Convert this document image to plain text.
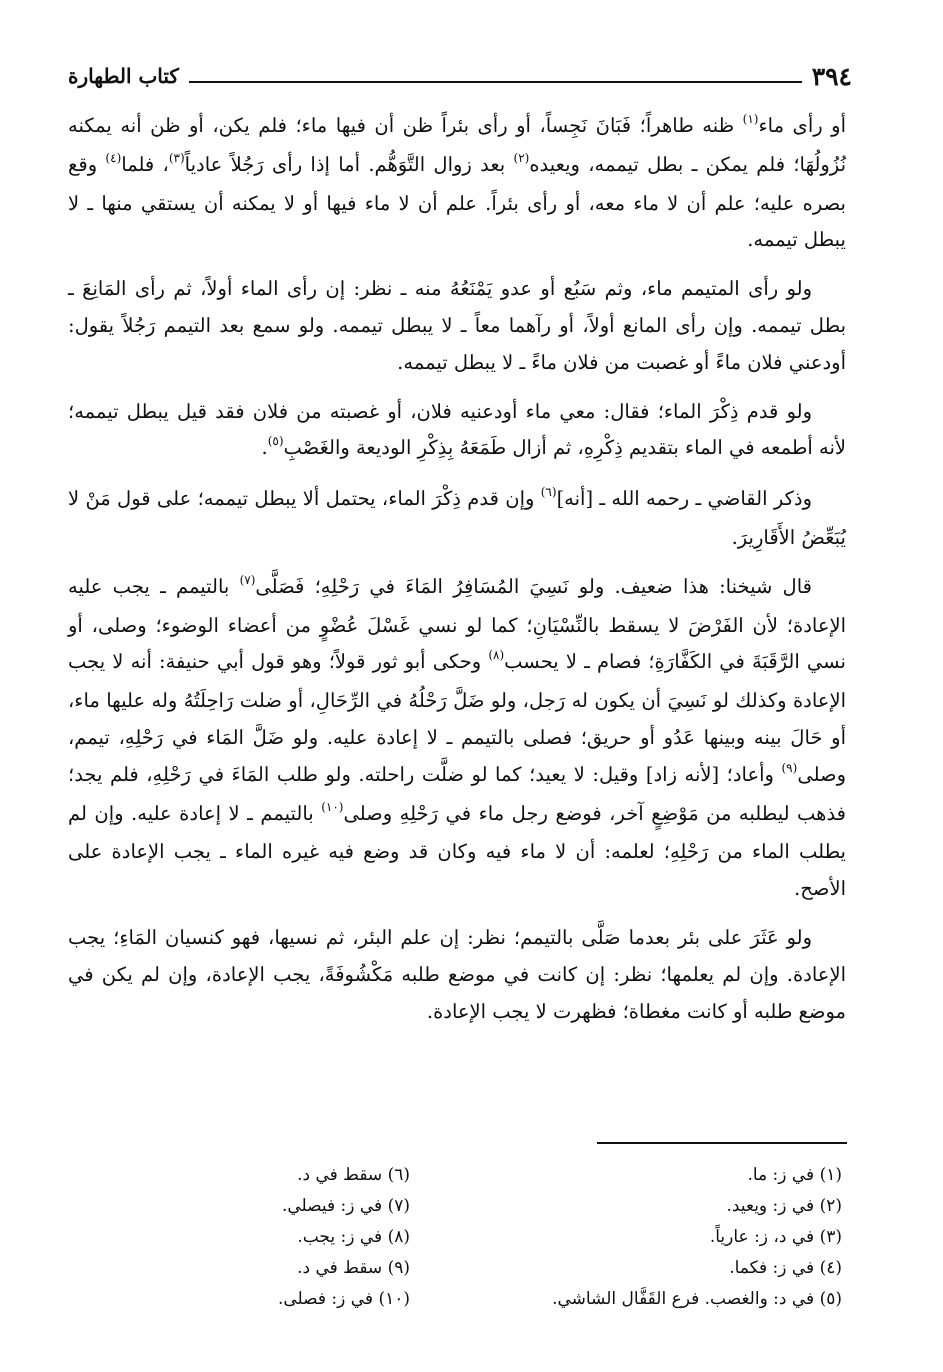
٣٩٤
كتاب الطهارة

أو رأى ماء$^{(١)}$ ظنه طاهراً؛ فَبَانَ نَجِساً، أو رأى بئراً ظن أن فيها ماء؛ فلم يكن، أو ظن أنه يمكنه نُزُولُهَا؛ فلم يمكن ـ بطل تيممه، ويعيده$^{(٢)}$ بعد زوال التَّوَهُّم. أما إذا رأى رَجُلاً عادياً$^{(٣)}$، فلما$^{(٤)}$ وقع بصره عليه؛ علم أن لا ماء معه، أو رأى بئراً. علم أن لا ماء فيها أو لا يمكنه أن يستقي منها ـ لا يبطل تيممه.

ولو رأى المتيمم ماء، وثم سَبُع أو عدو يَمْنَعُهُ منه ـ نظر: إن رأى الماء أولاً، ثم رأى المَانِعَ ـ بطل تيممه. وإن رأى المانع أولاً، أو رآهما معاً ـ لا يبطل تيممه. ولو سمع بعد التيمم رَجُلاً يقول: أودعني فلان ماءً أو غصبت من فلان ماءً ـ لا يبطل تيممه.

ولو قدم ذِكْرَ الماء؛ فقال: معي ماء أودعنيه فلان، أو غصبته من فلان فقد قيل يبطل تيممه؛ لأنه أطمعه في الماء بتقديم ذِكْرِهِ، ثم أزال طَمَعَهُ بِذِكْرِ الوديعة والغَصْبِ$^{(٥)}$.

وذكر القاضي ـ رحمه الله ـ [أنه]$^{(٦)}$ وإن قدم ذِكْرَ الماء، يحتمل ألا يبطل تيممه؛ على قول مَنْ لا يُبَعِّضُ الأَقَارِيرَ.

قال شيخنا: هذا ضعيف. ولو نَسِيَ المُسَافِرُ المَاءَ في رَحْلِهِ؛ فَصَلَّى$^{(٧)}$ بالتيمم ـ يجب عليه الإعادة؛ لأن الفَرْضَ لا يسقط بالنِّسْيَانِ؛ كما لو نسي غَسْلَ عُضْوٍ من أعضاء الوضوء؛ وصلى، أو نسي الرَّقَبَةَ في الكَفَّارَةِ؛ فصام ـ لا يحسب$^{(٨)}$ وحكى أبو ثور قولاً؛ وهو قول أبي حنيفة: أنه لا يجب الإعادة وكذلك لو نَسِيَ أن يكون له رَجل، ولو ضَلَّ رَحْلُهُ في الرِّحَالِ، أو ضلت رَاحِلَتُهُ وله عليها ماء، أو حَالَ بينه وبينها عَدُو أو حريق؛ فصلى بالتيمم ـ لا إعادة عليه. ولو ضَلَّ المَاء في رَحْلِهِ، تيمم، وصلى$^{(٩)}$ وأعاد؛ [لأنه زاد] وقيل: لا يعيد؛ كما لو ضلَّت راحلته. ولو طلب المَاءَ في رَحْلِهِ، فلم يجد؛ فذهب ليطلبه من مَوْضِعٍ آخر، فوضع رجل ماء في رَحْلِهِ وصلى$^{(١٠)}$ بالتيمم ـ لا إعادة عليه. وإن لم يطلب الماء من رَحْلِهِ؛ لعلمه: أن لا ماء فيه وكان قد وضع فيه غيره الماء ـ يجب الإعادة على الأصح.

ولو عَثَرَ على بئر بعدما صَلَّى بالتيمم؛ نظر: إن علم البئر، ثم نسيها، فهو كنسيان المَاءِ؛ يجب الإعادة. وإن لم يعلمها؛ نظر: إن كانت في موضع طلبه مَكْشُوفَةً، يجب الإعادة، وإن لم يكن في موضع طلبه أو كانت مغطاة؛ فظهرت لا يجب الإعادة.

(١) في ز: ما.
(٢) في ز: ويعيد.
(٣) في د، ز: عارياً.
(٤) في ز: فكما.
(٥) في د: والغصب. فرع القَفَّال الشاشي.
(٦) سقط في د.
(٧) في ز: فيصلي.
(٨) في ز: يجب.
(٩) سقط في د.
(١٠) في ز: فصلى.
